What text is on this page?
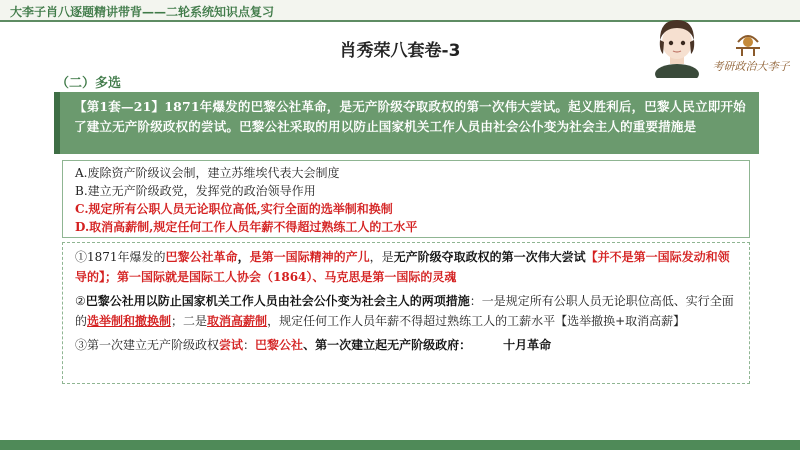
大李子肖八逐题精讲带背——二轮系统知识点复习
肖秀荣八套卷-3
考研政治大李子
（二）多选
【第1套—21】1871年爆发的巴黎公社革命，是无产阶级夺取政权的第一次伟大尝试。起义胜利后，巴黎人民立即开始了建立无产阶级政权的尝试。巴黎公社采取的用以防止国家机关工作人员由社会公仆变为社会主人的重要措施是
A.废除资产阶级议会制，建立苏维埃代表大会制度
B.建立无产阶级政党，发挥党的政治领导作用
C.规定所有公职人员无论职位高低,实行全面的选举制和换制
D.取消高薪制,规定任何工作人员年薪不得超过熟练工人的工水平
①1871年爆发的巴黎公社革命，是第一国际精神的产儿，是无产阶级夺取政权的第一次伟大尝试【并不是第一国际发动和领导的】；第一国际就是国际工人协会（1864）、马克思是第一国际的灵魂
②巴黎公社用以防止国家机关工作人员由社会公仆变为社会主人的两项措施：一是规定所有公职人员无论职位高低、实行全面的选举制和撤换制；二是取消高薪制，规定任何工作人员年薪不得超过熟练工人的工薪水平【选举撤换+取消高薪】
③第一次建立无产阶级政权尝试：巴黎公社、第一次建立起无产阶级政府：	十月革命
